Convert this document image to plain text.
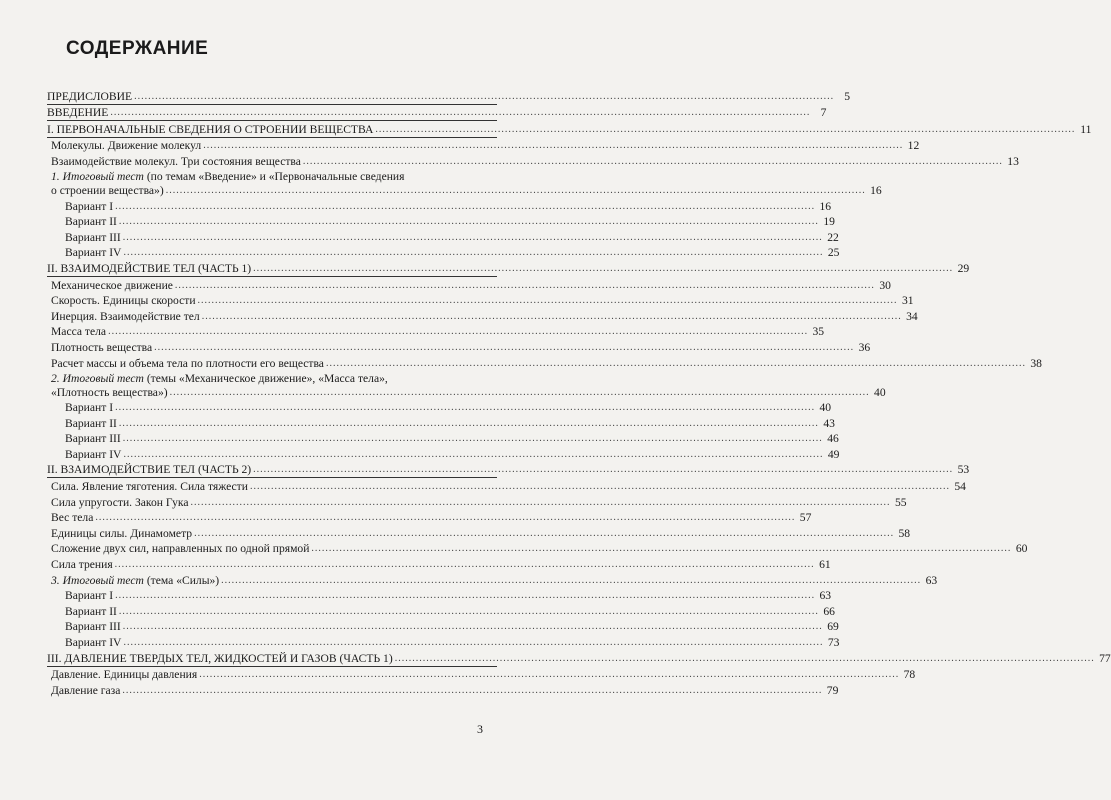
СОДЕРЖАНИЕ
ПРЕДИСЛОВИЕ ........................................................................................................................................................................................................ 5
ВВЕДЕНИЕ ........................................................................................................................................................................................................ 7
I. ПЕРВОНАЧАЛЬНЫЕ СВЕДЕНИЯ О СТРОЕНИИ ВЕЩЕСТВА ........................................................................................................................................................................................................ 11
Молекулы. Движение молекул ........................................................................................................................................................................................................ 12
Взаимодействие молекул. Три состояния вещества ........................................................................................................................................................................................................ 13
1. Итоговый тест (по темам «Введение» и «Первоначальные сведения
о строении вещества») ........................................................................................................................................................................................................ 16
Вариант I ........................................................................................................................................................................................................ 16
Вариант II ........................................................................................................................................................................................................ 19
Вариант III ........................................................................................................................................................................................................ 22
Вариант IV ........................................................................................................................................................................................................ 25
II. ВЗАИМОДЕЙСТВИЕ ТЕЛ (ЧАСТЬ 1) ........................................................................................................................................................................................................ 29
Механическое движение ........................................................................................................................................................................................................ 30
Скорость. Единицы скорости ........................................................................................................................................................................................................ 31
Инерция. Взаимодействие тел ........................................................................................................................................................................................................ 34
Масса тела ........................................................................................................................................................................................................ 35
Плотность вещества ........................................................................................................................................................................................................ 36
Расчет массы и объема тела по плотности его вещества ........................................................................................................................................................................................................ 38
2. Итоговый тест (темы «Механическое движение», «Масса тела»,
«Плотность вещества») ........................................................................................................................................................................................................ 40
Вариант I ........................................................................................................................................................................................................ 40
Вариант II ........................................................................................................................................................................................................ 43
Вариант III ........................................................................................................................................................................................................ 46
Вариант IV ........................................................................................................................................................................................................ 49
II. ВЗАИМОДЕЙСТВИЕ ТЕЛ (ЧАСТЬ 2) ........................................................................................................................................................................................................ 53
Сила. Явление тяготения. Сила тяжести ........................................................................................................................................................................................................ 54
Сила упругости. Закон Гука ........................................................................................................................................................................................................ 55
Вес тела ........................................................................................................................................................................................................ 57
Единицы силы. Динамометр ........................................................................................................................................................................................................ 58
Сложение двух сил, направленных по одной прямой ........................................................................................................................................................................................................ 60
Сила трения ........................................................................................................................................................................................................ 61
3. Итоговый тест (тема «Силы») ........................................................................................................................................................................................................ 63
Вариант I ........................................................................................................................................................................................................ 63
Вариант II ........................................................................................................................................................................................................ 66
Вариант III ........................................................................................................................................................................................................ 69
Вариант IV ........................................................................................................................................................................................................ 73
III. ДАВЛЕНИЕ ТВЕРДЫХ ТЕЛ, ЖИДКОСТЕЙ И ГАЗОВ (ЧАСТЬ 1) ........................................................................................................................................................................................................ 77
Давление. Единицы давления ........................................................................................................................................................................................................ 78
Давление газа ........................................................................................................................................................................................................ 79
3
